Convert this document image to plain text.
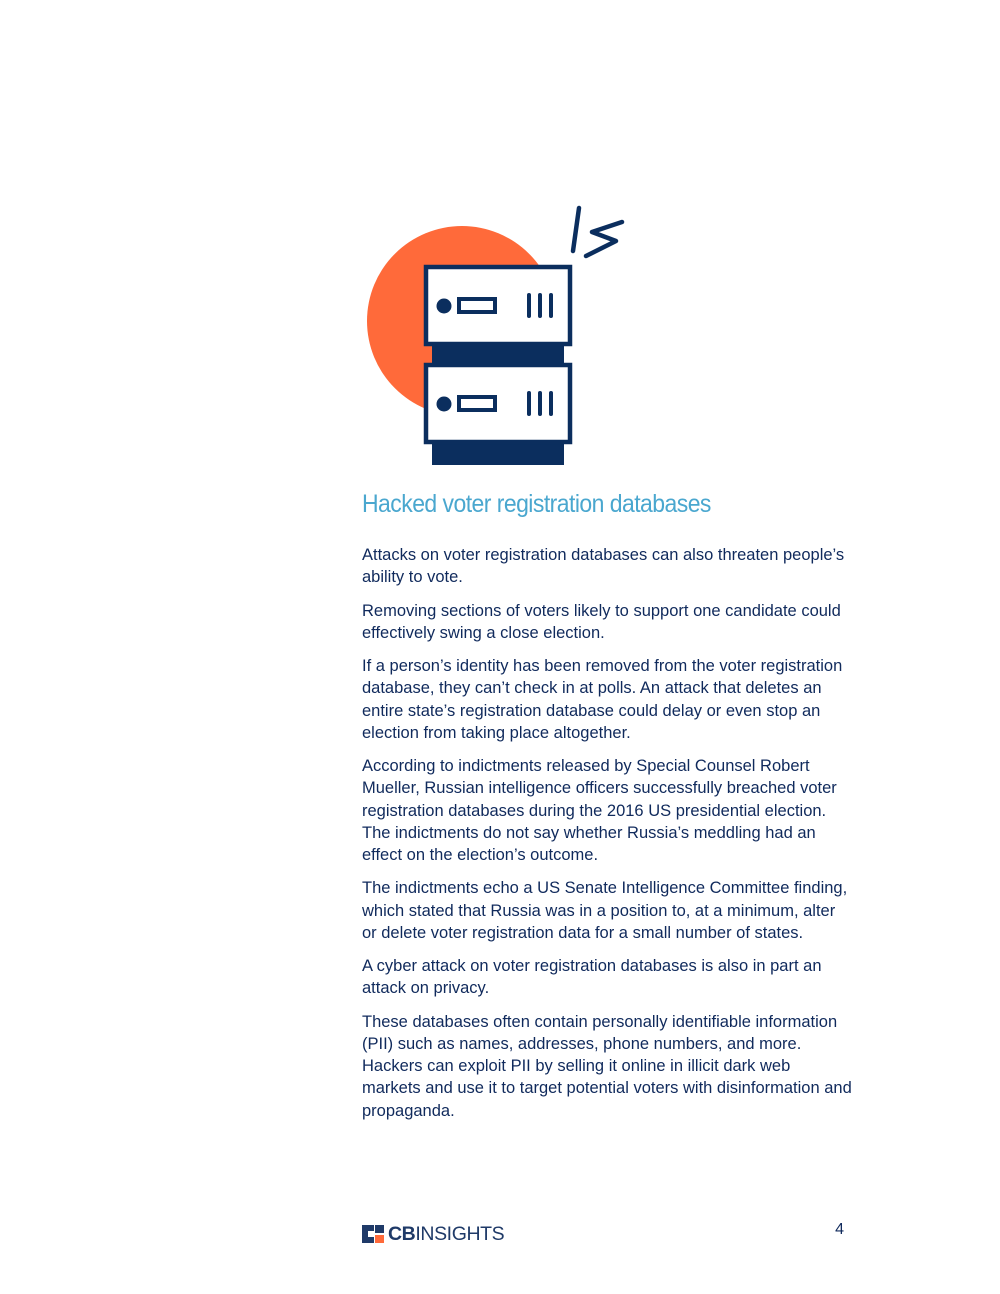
Hacked voter registration databases

Attacks on voter registration databases can also threaten people’s ability to vote.

Removing sections of voters likely to support one candidate could effectively swing a close election.

If a person’s identity has been removed from the voter registration database, they can’t check in at polls. An attack that deletes an entire state’s registration database could delay or even stop an election from taking place altogether.

According to indictments released by Special Counsel Robert Mueller, Russian intelligence officers successfully breached voter registration databases during the 2016 US presidential election. The indictments do not say whether Russia’s meddling had an effect on the election’s outcome.

The indictments echo a US Senate Intelligence Committee finding, which stated that Russia was in a position to, at a minimum, alter or delete voter registration data for a small number of states.

A cyber attack on voter registration databases is also in part an attack on privacy.

These databases often contain personally identifiable information (PII) such as names, addresses, phone numbers, and more. Hackers can exploit PII by selling it online in illicit dark web markets and use it to target potential voters with disinformation and propaganda.

CBINSIGHTS	4
